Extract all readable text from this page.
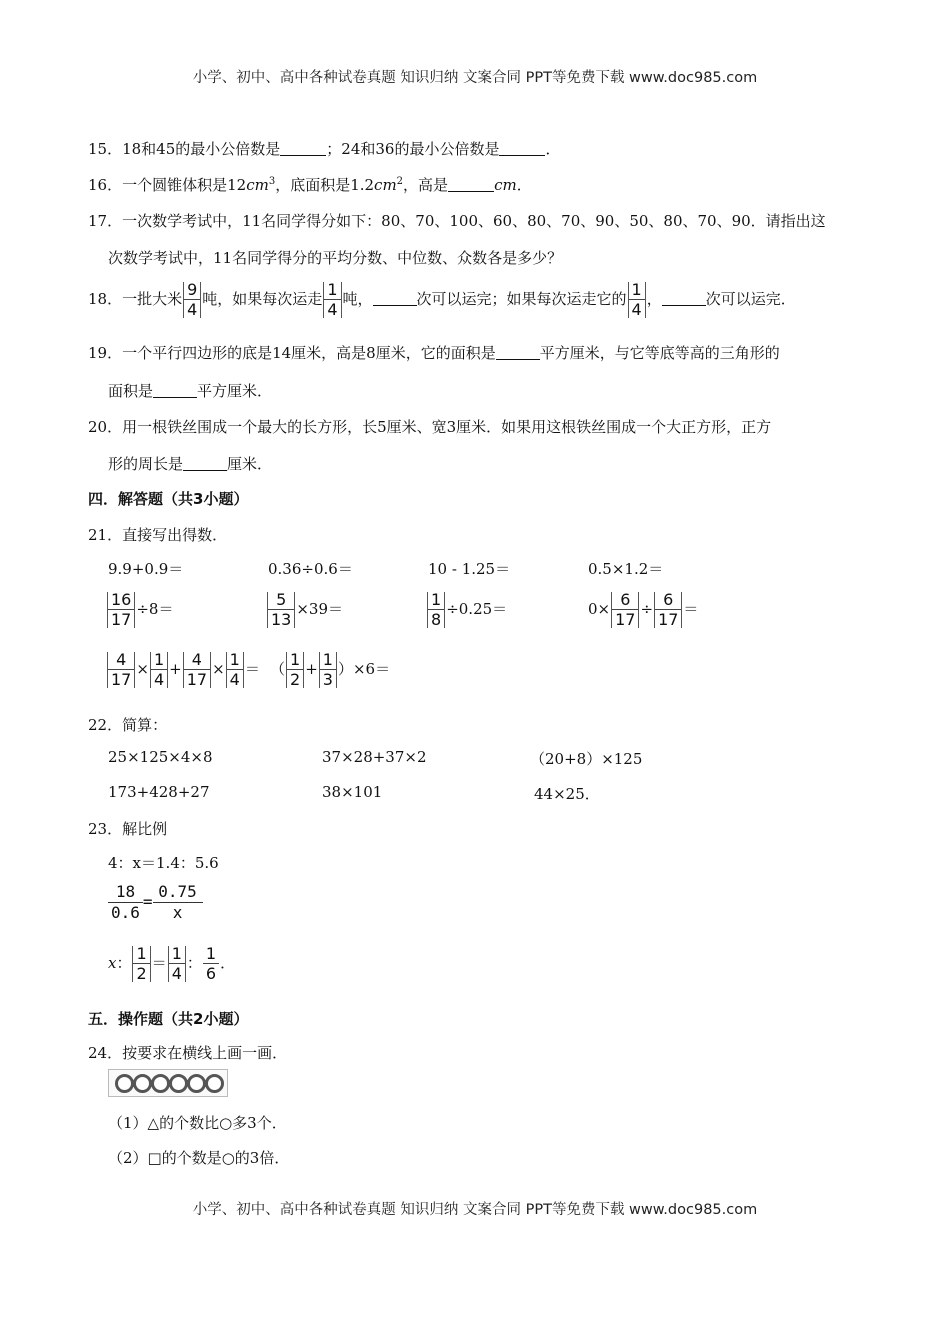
小学、初中、高中各种试卷真题 知识归纳 文案合同 PPT等免费下载 www.doc985.com
15．18和45的最小公倍数是	；24和36的最小公倍数是	．
16．一个圆锥体积是$12cm^3$，底面积是$1.2cm^2$，高是	cm．
17．一次数学考试中，11名同学得分如下：80、70、100、60、80、70、90、50、80、70、90．请指出这
次数学考试中，11名同学得分的平均分数、中位数、众数各是多少？
18．一批大米 $\frac{9}{4}$ 吨，如果每次运走 $\frac{1}{4}$ 吨，	次可以运完；如果每次运走它的 $\frac{1}{4}$ ，	次可以运完．
19．一个平行四边形的底是14厘米，高是8厘米，它的面积是	平方厘米，与它等底等高的三角形的
面积是	平方厘米．
20．用一根铁丝围成一个最大的长方形，长5厘米、宽3厘米．如果用这根铁丝围成一个大正方形，正方
形的周长是	厘米．
四．解答题（共3小题）
21．直接写出得数．
9.9+0.9＝	0.36÷0.6＝	10 - 1.25＝	0.5×1.2＝
$\frac{16}{17} \div 8=$	$\frac{5}{13} \times 39=$	$\frac{1}{8} \div 0.25=$	$0\times \frac{6}{17} \div \frac{6}{17}$ ＝
$\frac{4}{17} \times \frac{1}{4} + \frac{4}{17} \times \frac{1}{4}$ ＝ （ $\frac{1}{2} + \frac{1}{3} )\times 6=$
22．简算：
25×125×4×8	37×28+37×2	（20+8）×125
173+428+27	38×101	44×25．
23．解比例
4：x＝1.4：5.6
$\frac{18}{0.6} = \frac{0.75}{x}$
x： $\frac{1}{2} = \frac{1}{4}$ ： $\frac{1}{6}$ ．
五．操作题（共2小题）
24．按要求在横线上画一画．
（1）△的个数比○多3个．
（2）□的个数是○的3倍．
小学、初中、高中各种试卷真题 知识归纳 文案合同 PPT等免费下载 www.doc985.com
